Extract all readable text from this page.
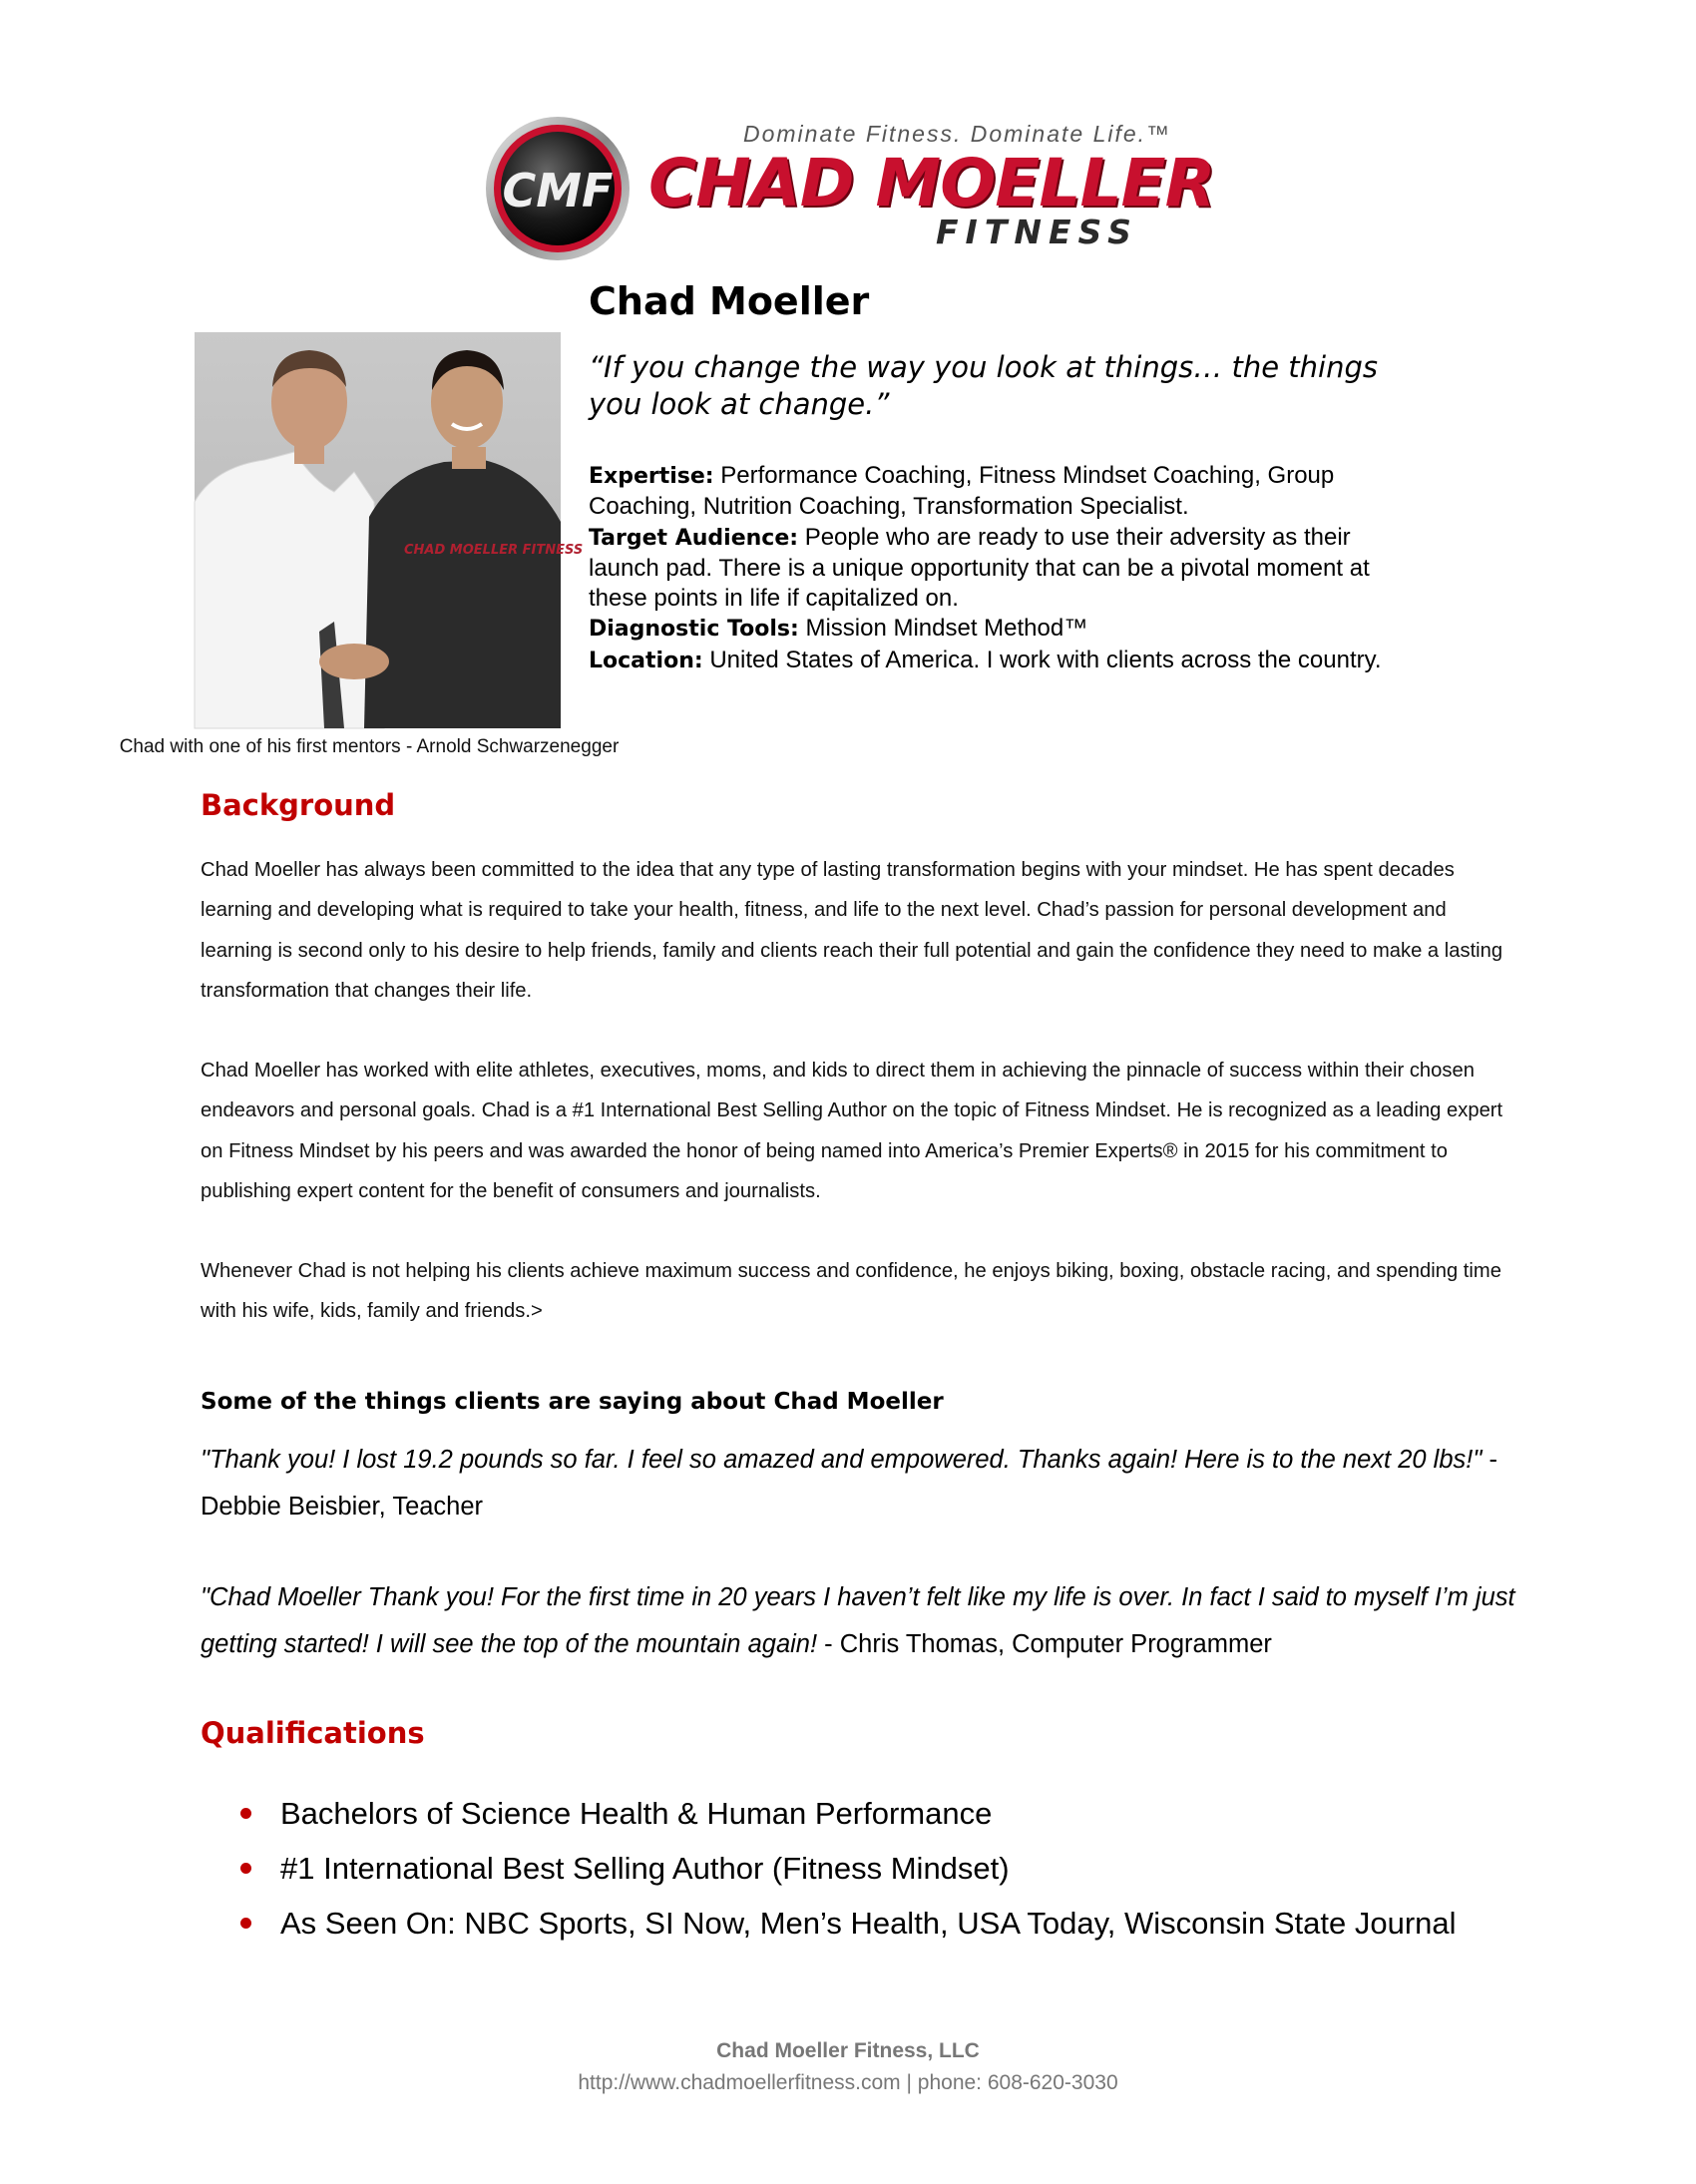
CMF
Dominate Fitness. Dominate Life.™
CHAD MOELLER
FITNESS
CHAD MOELLER FITNESS
Chad with one of his first mentors - Arnold Schwarzenegger
Chad Moeller
“If you change the way you look at things… the things you look at change.”

Expertise: Performance Coaching, Fitness Mindset Coaching, Group Coaching, Nutrition Coaching, Transformation Specialist.

Target Audience: People who are ready to use their adversity as their launch pad. There is a unique opportunity that can be a pivotal moment at these points in life if capitalized on.

Diagnostic Tools: Mission Mindset Method™

Location: United States of America. I work with clients across the country.

Background
Chad Moeller has always been committed to the idea that any type of lasting transformation begins with your mindset. He has spent decades learning and developing what is required to take your health, fitness, and life to the next level. Chad’s passion for personal development and learning is second only to his desire to help friends, family and clients reach their full potential and gain the confidence they need to make a lasting transformation that changes their life.
Chad Moeller has worked with elite athletes, executives, moms, and kids to direct them in achieving the pinnacle of success within their chosen endeavors and personal goals. Chad is a #1 International Best Selling Author on the topic of Fitness Mindset. He is recognized as a leading expert on Fitness Mindset by his peers and was awarded the honor of being named into America’s Premier Experts® in 2015 for his commitment to publishing expert content for the benefit of consumers and journalists.
Whenever Chad is not helping his clients achieve maximum success and confidence, he enjoys biking, boxing, obstacle racing, and spending time with his wife, kids, family and friends.>
Some of the things clients are saying about Chad Moeller
"Thank you! I lost 19.2 pounds so far. I feel so amazed and empowered. Thanks again! Here is to the next 20 lbs!" - Debbie Beisbier, Teacher
"Chad Moeller Thank you! For the first time in 20 years I haven’t felt like my life is over. In fact I said to myself I’m just getting started! I will see the top of the mountain again! - Chris Thomas, Computer Programmer
Qualifications
Bachelors of Science Health & Human Performance
#1 International Best Selling Author (Fitness Mindset)
As Seen On: NBC Sports, SI Now, Men’s Health, USA Today, Wisconsin State Journal
Chad Moeller Fitness, LLC
http://www.chadmoellerfitness.com | phone: 608-620-3030
